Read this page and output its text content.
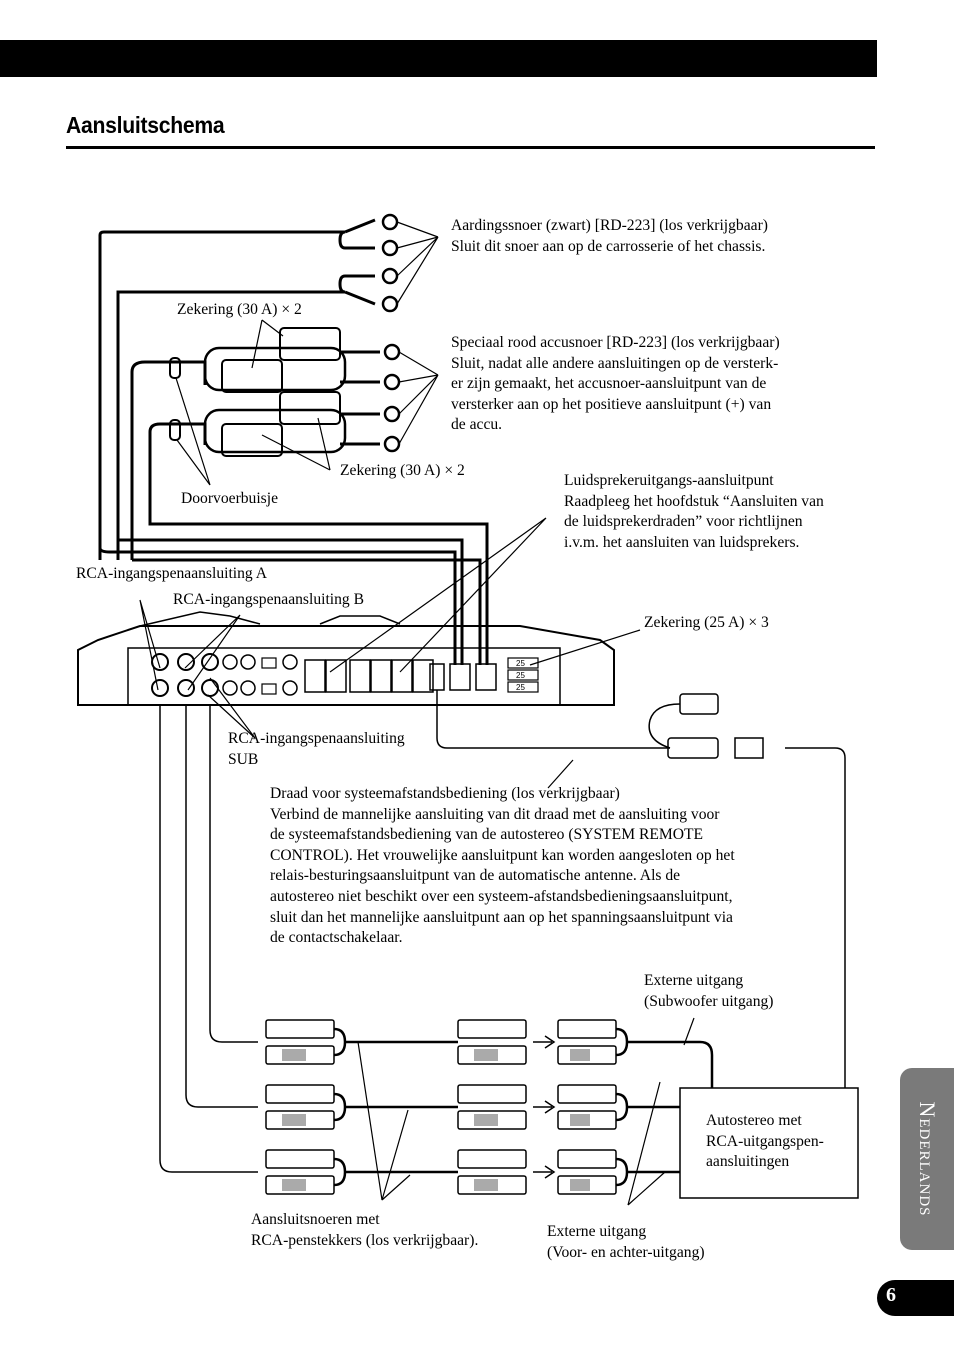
Aansluitschema
25
25
25
Aardingssnoer (zwart) [RD-223] (los verkrijgbaar)
Sluit dit snoer aan op de carrosserie of het chassis.
Zekering (30 A) × 2
Speciaal rood accusnoer [RD-223] (los verkrijgbaar)
Sluit, nadat alle andere aansluitingen op de versterk-
er zijn gemaakt, het accusnoer-aansluitpunt van de
versterker aan op het positieve aansluitpunt (+) van
de accu.
Zekering (30 A) × 2
Doorvoerbuisje
Luidsprekeruitgangs-aansluitpunt
Raadpleeg het hoofdstuk “Aansluiten van
de luidsprekerdraden” voor richtlijnen
i.v.m. het aansluiten van luidsprekers.
RCA-ingangspenaansluiting A
RCA-ingangspenaansluiting B
Zekering (25 A) × 3
RCA-ingangspenaansluiting
SUB
Draad voor systeemafstandsbediening (los verkrijgbaar)
Verbind de mannelijke aansluiting van dit draad met de aansluiting voor
de systeemafstandsbediening van de autostereo (SYSTEM REMOTE
CONTROL). Het vrouwelijke aansluitpunt kan worden aangesloten op het
relais-besturingsaansluitpunt van de automatische antenne. Als de
autostereo niet beschikt over een systeem-afstandsbedieningsaansluitpunt,
sluit dan het mannelijke aansluitpunt aan op het spanningsaansluitpunt via
de contactschakelaar.
Externe uitgang
(Subwoofer uitgang)
Autostereo met
RCA-uitgangspen-
aansluitingen
Aansluitsnoeren met
RCA-penstekkers (los verkrijgbaar).
Externe uitgang
(Voor- en achter-uitgang)
Nederlands
6
